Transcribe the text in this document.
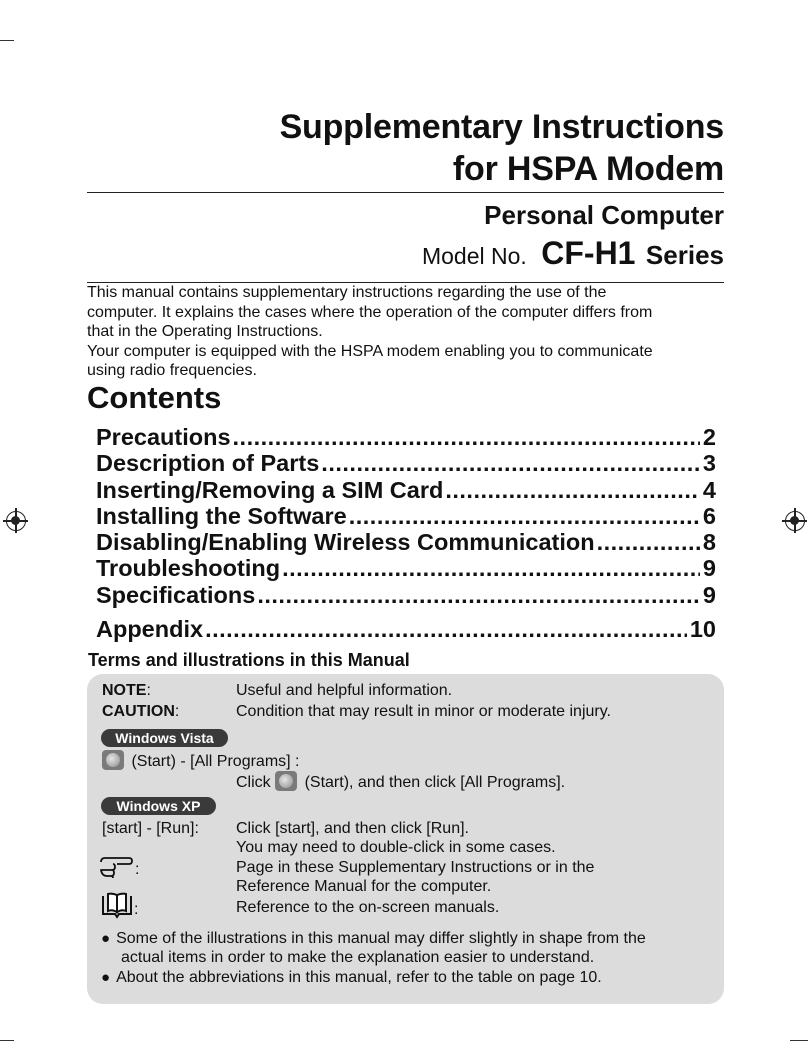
Supplementary Instructions
for HSPA Modem
Personal Computer
Model No. CF-H1 Series
This manual contains supplementary instructions regarding the use of the
computer. It explains the cases where the operation of the computer differs from
that in the Operating Instructions.
Your computer is equipped with the HSPA modem enabling you to communicate
using radio frequencies.
Contents
Precautions .....	2
Description of Parts .....	3
Inserting/Removing a SIM Card .....	4
Installing the Software .....	6
Disabling/Enabling Wireless Communication .....	8
Troubleshooting .....	9
Specifications .....	9
Appendix .....	10
Terms and illustrations in this Manual
NOTE:	Useful and helpful information.
CAUTION:	Condition that may result in minor or moderate injury.
Windows Vista
(Start) - [All Programs] :
Click (Start), and then click [All Programs].
Windows XP
[start] - [Run]: Click [start], and then click [Run].
You may need to double-click in some cases.
:	Page in these Supplementary Instructions or in the
Reference Manual for the computer.
:	Reference to the on-screen manuals.
● Some of the illustrations in this manual may differ slightly in shape from the
actual items in order to make the explanation easier to understand.
● About the abbreviations in this manual, refer to the table on page 10.
